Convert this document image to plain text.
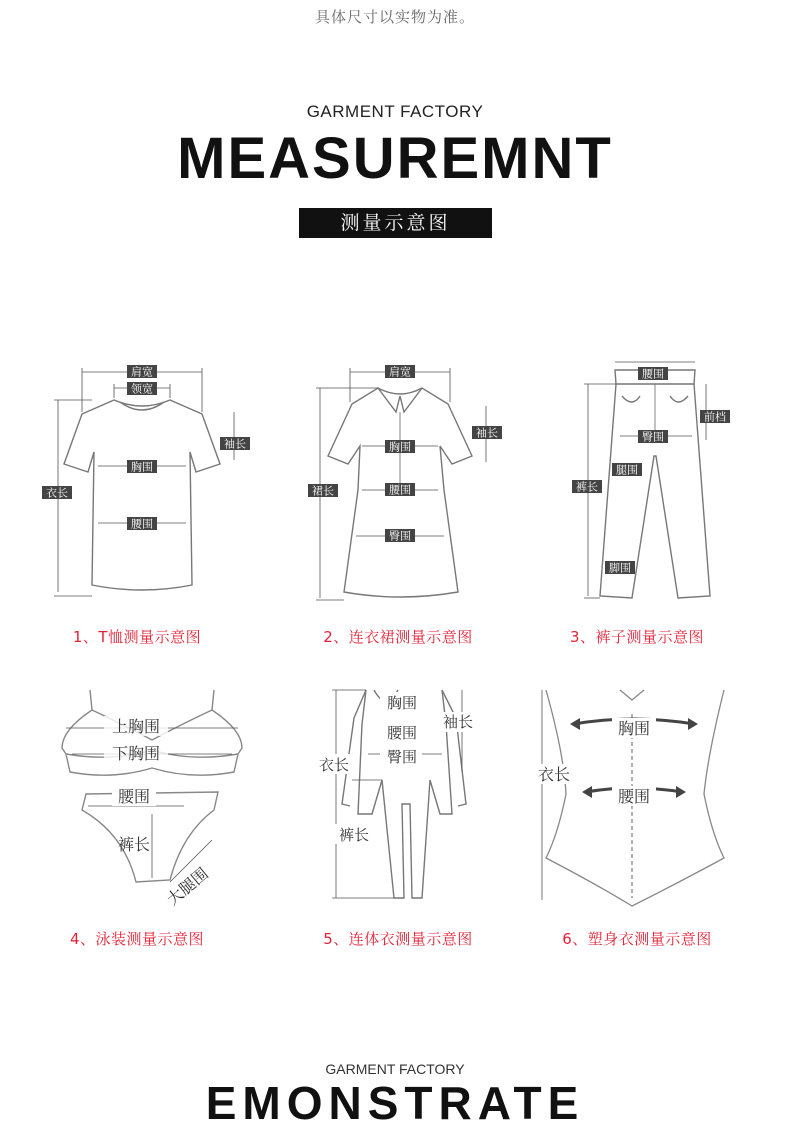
具体尺寸以实物为准。
GARMENT FACTORY
MEASUREMNT
测量示意图
肩宽
领宽
袖长
衣长
胸围
腰围
1、T恤测量示意图
肩宽
袖长
裙长
胸围
腰围
臀围
2、连衣裙测量示意图
腰围
前档
臀围
腿围
裤长
脚围
3、裤子测量示意图
上胸围
下胸围
腰围
裤长
大腿围
4、泳装测量示意图
胸围
腰围
臀围
袖长
衣长
裤长
5、连体衣测量示意图
胸围
腰围
衣长
6、塑身衣测量示意图
GARMENT FACTORY
EMONSTRATE
